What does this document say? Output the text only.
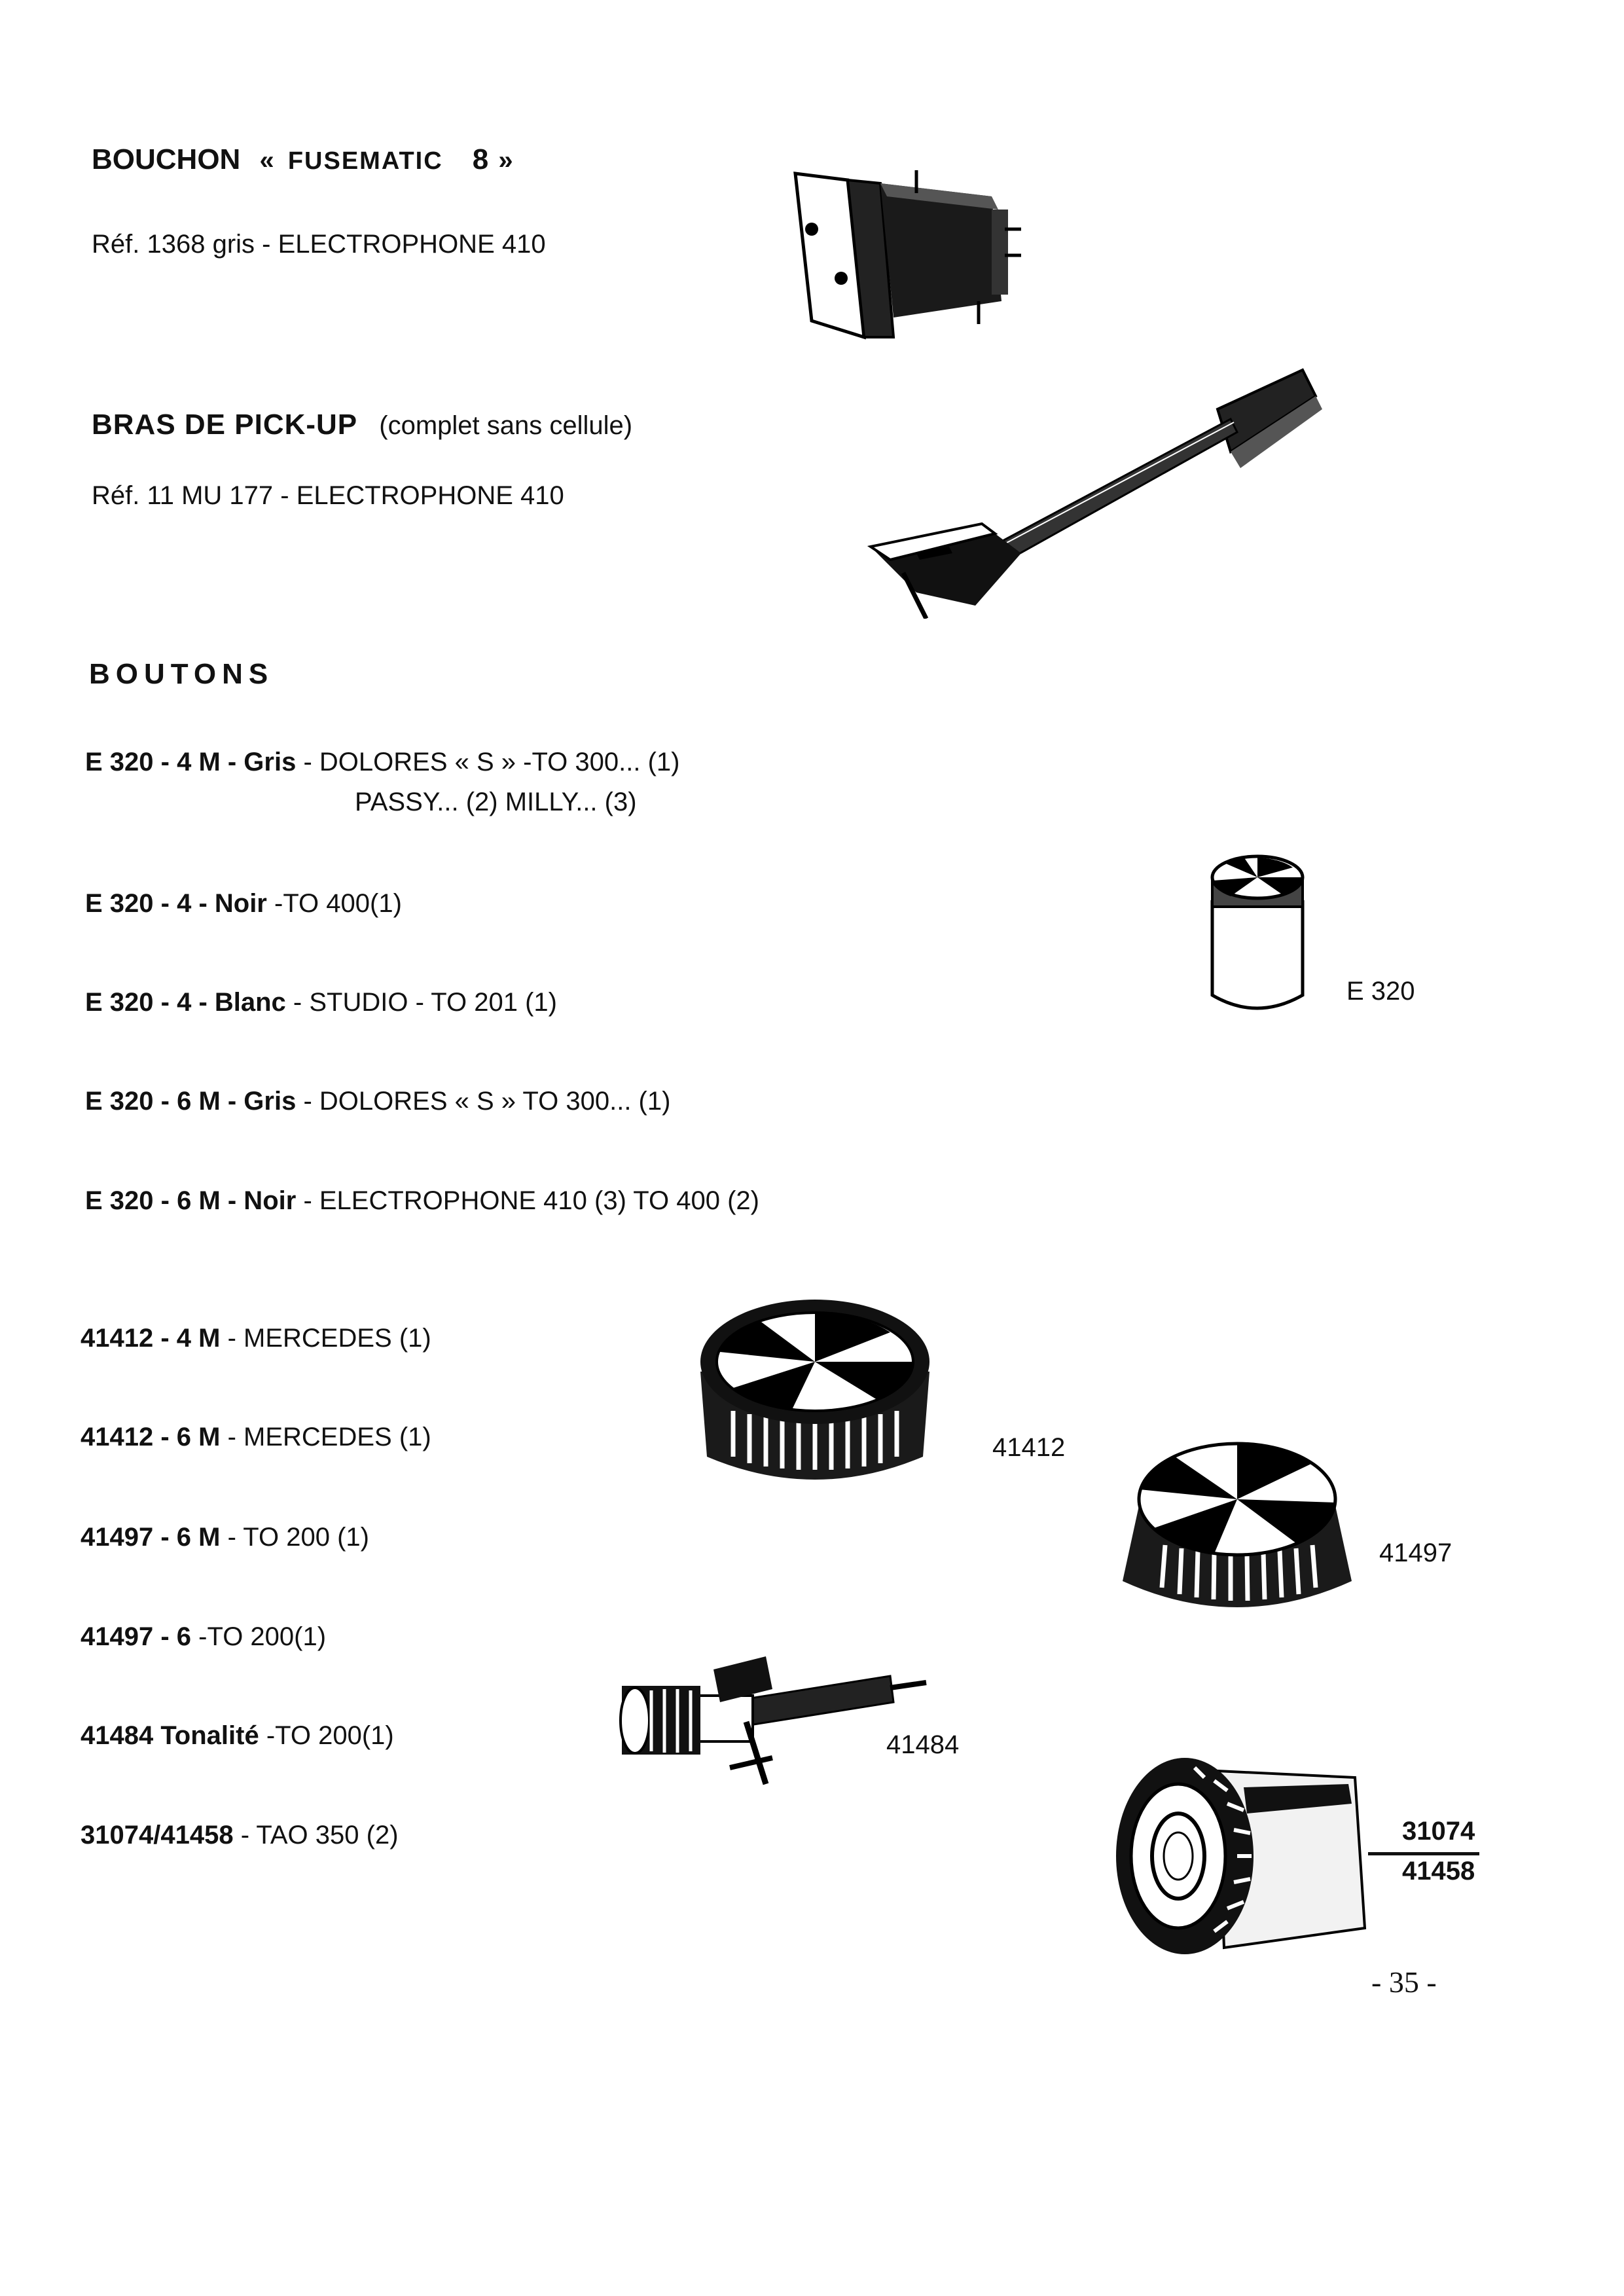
BOUCHON « FUSEMATIC 8 »
Réf. 1368 gris - ELECTROPHONE 410
BRAS DE PICK-UP (complet sans cellule)
Réf. 11 MU 177 - ELECTROPHONE 410
BOUTONS
E 320 - 4 M - Gris - DOLORES « S » -TO 300... (1)
PASSY... (2) MILLY... (3)
E 320 - 4 - Noir -TO 400(1)
E 320 - 4 - Blanc - STUDIO - TO 201 (1)
E 320 - 6 M - Gris - DOLORES « S » TO 300... (1)
E 320 - 6 M - Noir - ELECTROPHONE 410 (3) TO 400 (2)
41412 - 4 M - MERCEDES (1)
41412 - 6 M - MERCEDES (1)
41497 - 6 M - TO 200 (1)
41497 - 6 -TO 200(1)
41484 Tonalité -TO 200(1)
31074/41458 - TAO 350 (2)
E 320
41412
41497
41484
31074
41458
- 35 -
